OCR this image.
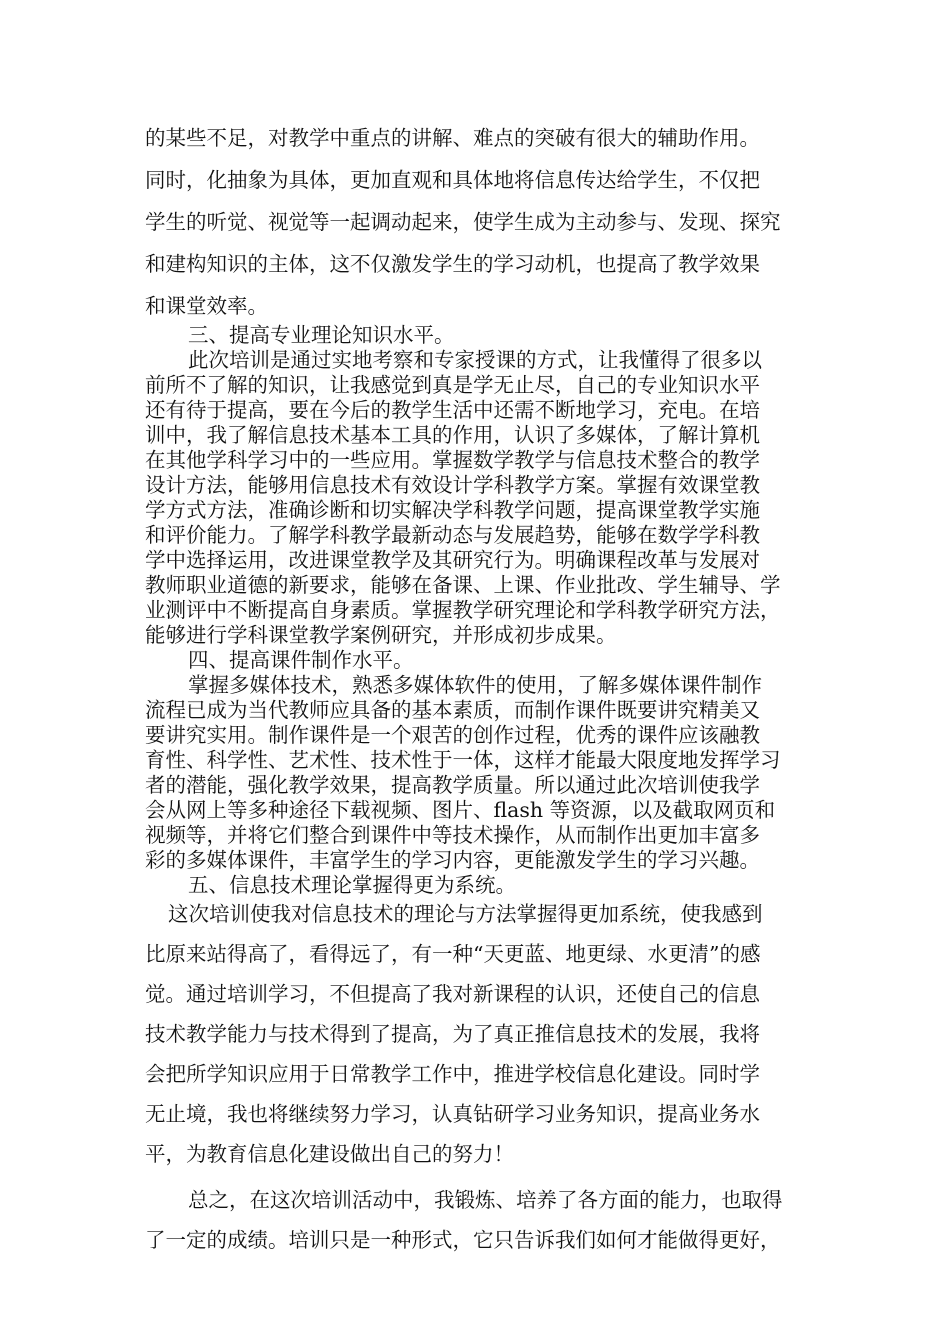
的某些不足，对教学中重点的讲解、难点的突破有很大的辅助作用。
同时，化抽象为具体，更加直观和具体地将信息传达给学生，不仅把
学生的听觉、视觉等一起调动起来，使学生成为主动参与、发现、探究
和建构知识的主体，这不仅激发学生的学习动机，也提高了教学效果
和课堂效率。
三、提高专业理论知识水平。
此次培训是通过实地考察和专家授课的方式，让我懂得了很多以
前所不了解的知识，让我感觉到真是学无止尽，自己的专业知识水平
还有待于提高，要在今后的教学生活中还需不断地学习，充电。在培
训中，我了解信息技术基本工具的作用，认识了多媒体，了解计算机
在其他学科学习中的一些应用。掌握数学教学与信息技术整合的教学
设计方法，能够用信息技术有效设计学科教学方案。掌握有效课堂教
学方式方法，准确诊断和切实解决学科教学问题，提高课堂教学实施
和评价能力。了解学科教学最新动态与发展趋势，能够在数学学科教
学中选择运用，改进课堂教学及其研究行为。明确课程改革与发展对
教师职业道德的新要求，能够在备课、上课、作业批改、学生辅导、学
业测评中不断提高自身素质。掌握教学研究理论和学科教学研究方法，
能够进行学科课堂教学案例研究，并形成初步成果。
四、提高课件制作水平。
掌握多媒体技术，熟悉多媒体软件的使用，了解多媒体课件制作
流程已成为当代教师应具备的基本素质，而制作课件既要讲究精美又
要讲究实用。制作课件是一个艰苦的创作过程，优秀的课件应该融教
育性、科学性、艺术性、技术性于一体，这样才能最大限度地发挥学习
者的潜能，强化教学效果，提高教学质量。所以通过此次培训使我学
会从网上等多种途径下载视频、图片、flash 等资源，以及截取网页和
视频等，并将它们整合到课件中等技术操作，从而制作出更加丰富多
彩的多媒体课件，丰富学生的学习内容，更能激发学生的学习兴趣。
五、信息技术理论掌握得更为系统。
这次培训使我对信息技术的理论与方法掌握得更加系统，使我感到
比原来站得高了，看得远了，有一种“天更蓝、地更绿、水更清”的感
觉。通过培训学习，不但提高了我对新课程的认识，还使自己的信息
技术教学能力与技术得到了提高，为了真正推信息技术的发展，我将
会把所学知识应用于日常教学工作中，推进学校信息化建设。同时学
无止境，我也将继续努力学习，认真钻研学习业务知识，提高业务水
平，为教育信息化建设做出自己的努力！
总之，在这次培训活动中，我锻炼、培养了各方面的能力，也取得
了一定的成绩。培训只是一种形式，它只告诉我们如何才能做得更好，
